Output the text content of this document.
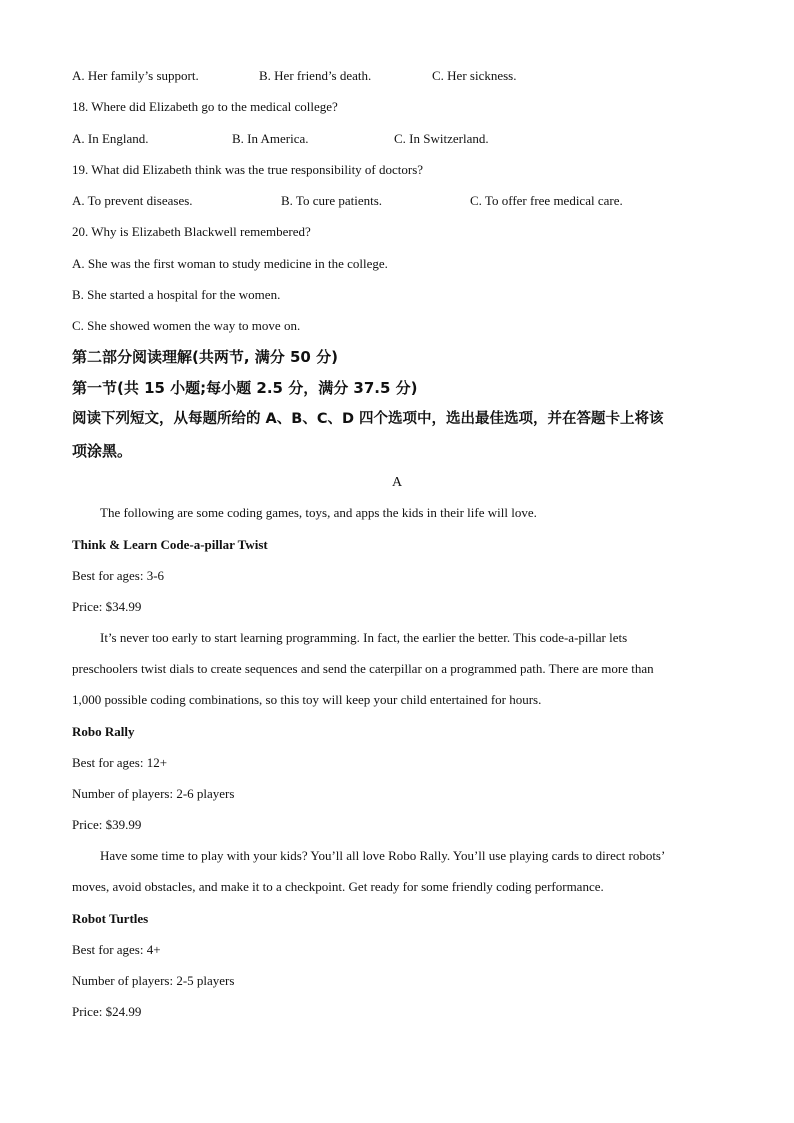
A. Her family’s support.	B. Her friend’s death.	C. Her sickness.
18. Where did Elizabeth go to the medical college?
A. In England.	B. In America.	C. In Switzerland.
19. What did Elizabeth think was the true responsibility of doctors?
A. To prevent diseases.	B. To cure patients.	C. To offer free medical care.
20. Why is Elizabeth Blackwell remembered?
A. She was the first woman to study medicine in the college.
B. She started a hospital for the women.
C. She showed women the way to move on.
第二部分阅读理解(共两节, 满分 50 分)
第一节(共 15 小题;每小题 2.5 分，满分 37.5 分)
阅读下列短文，从每题所给的 A、B、C、D 四个选项中，选出最佳选项，并在答题卡上将该
项涂黑。
A
The following are some coding games, toys, and apps the kids in their life will love.
Think & Learn Code-a-pillar Twist
Best for ages: 3-6
Price: $34.99
It’s never too early to start learning programming. In fact, the earlier the better. This code-a-pillar lets
preschoolers twist dials to create sequences and send the caterpillar on a programmed path. There are more than
1,000 possible coding combinations, so this toy will keep your child entertained for hours.
Robo Rally
Best for ages: 12+
Number of players: 2-6 players
Price: $39.99
Have some time to play with your kids? You’ll all love Robo Rally. You’ll use playing cards to direct robots’
moves, avoid obstacles, and make it to a checkpoint. Get ready for some friendly coding performance.
Robot Turtles
Best for ages: 4+
Number of players: 2-5 players
Price: $24.99
